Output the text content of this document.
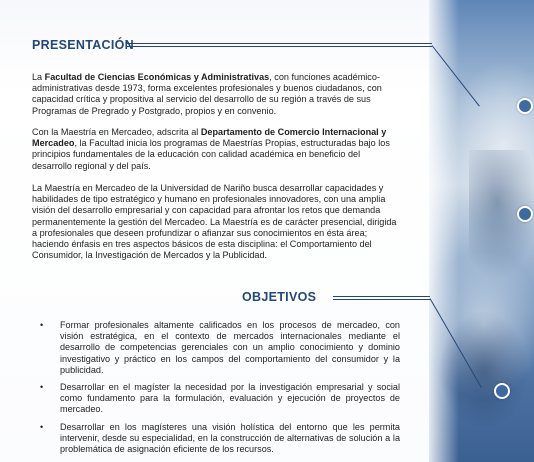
PRESENTACIÓN

La Facultad de Ciencias Económicas y Administrativas, con funciones académico-administrativas desde 1973, forma excelentes profesionales y buenos ciudadanos, con capacidad crítica y propositiva al servicio del desarrollo de su región a través de sus Programas de Pregrado y Postgrado, propios y en convenio.

Con la Maestría en Mercadeo, adscrita al Departamento de Comercio Internacional y Mercadeo, la Facultad inicia los programas de Maestrías Propias, estructuradas bajo los principios fundamentales de la educación con calidad académica en beneficio del desarrollo regional y del país.

La Maestría en Mercadeo de la Universidad de Nariño busca desarrollar capacidades y habilidades de tipo estratégico y humano en profesionales innovadores, con una amplia visión del desarrollo empresarial y con capacidad para afrontar los retos que demanda permanentemente la gestión del Mercadeo. La Maestría es de carácter presencial, dirigida a profesionales que deseen profundizar o afianzar sus conocimientos en ésta área; haciendo énfasis en tres aspectos básicos de esta disciplina: el Comportamiento del Consumidor, la Investigación de Mercados y la Publicidad.

OBJETIVOS
• Formar profesionales altamente calificados en los procesos de mercadeo, con visión estratégica, en el contexto de mercados internacionales mediante el desarrollo de competencias gerenciales con un amplio conocimiento y dominio investigativo y práctico en los campos del comportamiento del consumidor y la publicidad.
• Desarrollar en el magíster la necesidad por la investigación empresarial y social como fundamento para la formulación, evaluación y ejecución de proyectos de mercadeo.
• Desarrollar en los magísteres una visión holística del entorno que les permita intervenir, desde su especialidad, en la construcción de alternativas de solución a la problemática de asignación eficiente de los recursos.
